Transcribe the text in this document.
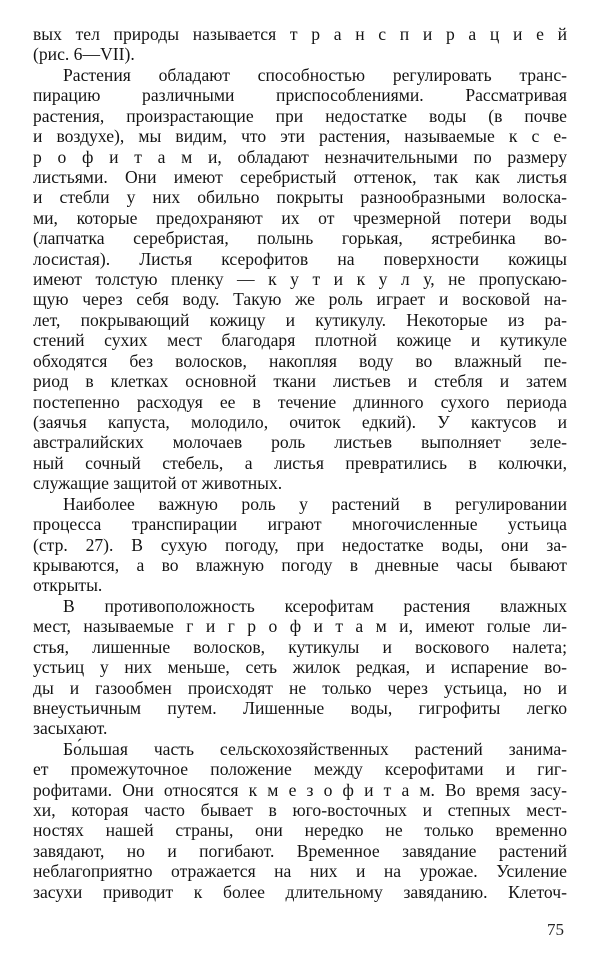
вых тел природы называется т р а н с п и р а ц и е й
(рис. 6—VII).
Растения обладают способностью регулировать транс-
пирацию различными приспособлениями. Рассматривая
растения, произрастающие при недостатке воды (в почве
и воздухе), мы видим, что эти растения, называемые к с е-
р о ф и т а м и, обладают незначительными по размеру
листьями. Они имеют серебристый оттенок, так как листья
и стебли у них обильно покрыты разнообразными волоска-
ми, которые предохраняют их от чрезмерной потери воды
(лапчатка серебристая, полынь горькая, ястребинка во-
лосистая). Листья ксерофитов на поверхности кожицы
имеют толстую пленку — к у т и к у л у, не пропускаю-
щую через себя воду. Такую же роль играет и восковой на-
лет, покрывающий кожицу и кутикулу. Некоторые из ра-
стений сухих мест благодаря плотной кожице и кутикуле
обходятся без волосков, накопляя воду во влажный пе-
риод в клетках основной ткани листьев и стебля и затем
постепенно расходуя ее в течение длинного сухого периода
(заячья капуста, молодило, очиток едкий). У кактусов и
австралийских молочаев роль листьев выполняет зеле-
ный сочный стебель, а листья превратились в колючки,
служащие защитой от животных.
Наиболее важную роль у растений в регулировании
процесса транспирации играют многочисленные устьица
(стр. 27). В сухую погоду, при недостатке воды, они за-
крываются, а во влажную погоду в дневные часы бывают
открыты.
В противоположность ксерофитам растения влажных
мест, называемые г и г р о ф и т а м и, имеют голые ли-
стья, лишенные волосков, кутикулы и воскового налета;
устьиц у них меньше, сеть жилок редкая, и испарение во-
ды и газообмен происходят не только через устьица, но и
внеустьичным путем. Лишенные воды, гигрофиты легко
засыхают.
Бо́льшая часть сельскохозяйственных растений занима-
ет промежуточное положение между ксерофитами и гиг-
рофитами. Они относятся к м е з о ф и т а м. Во время засу-
хи, которая часто бывает в юго-восточных и степных мест-
ностях нашей страны, они нередко не только временно
завядают, но и погибают. Временное завядание растений
неблагоприятно отражается на них и на урожае. Усиление
засухи приводит к более длительному завяданию. Клеточ-
75
